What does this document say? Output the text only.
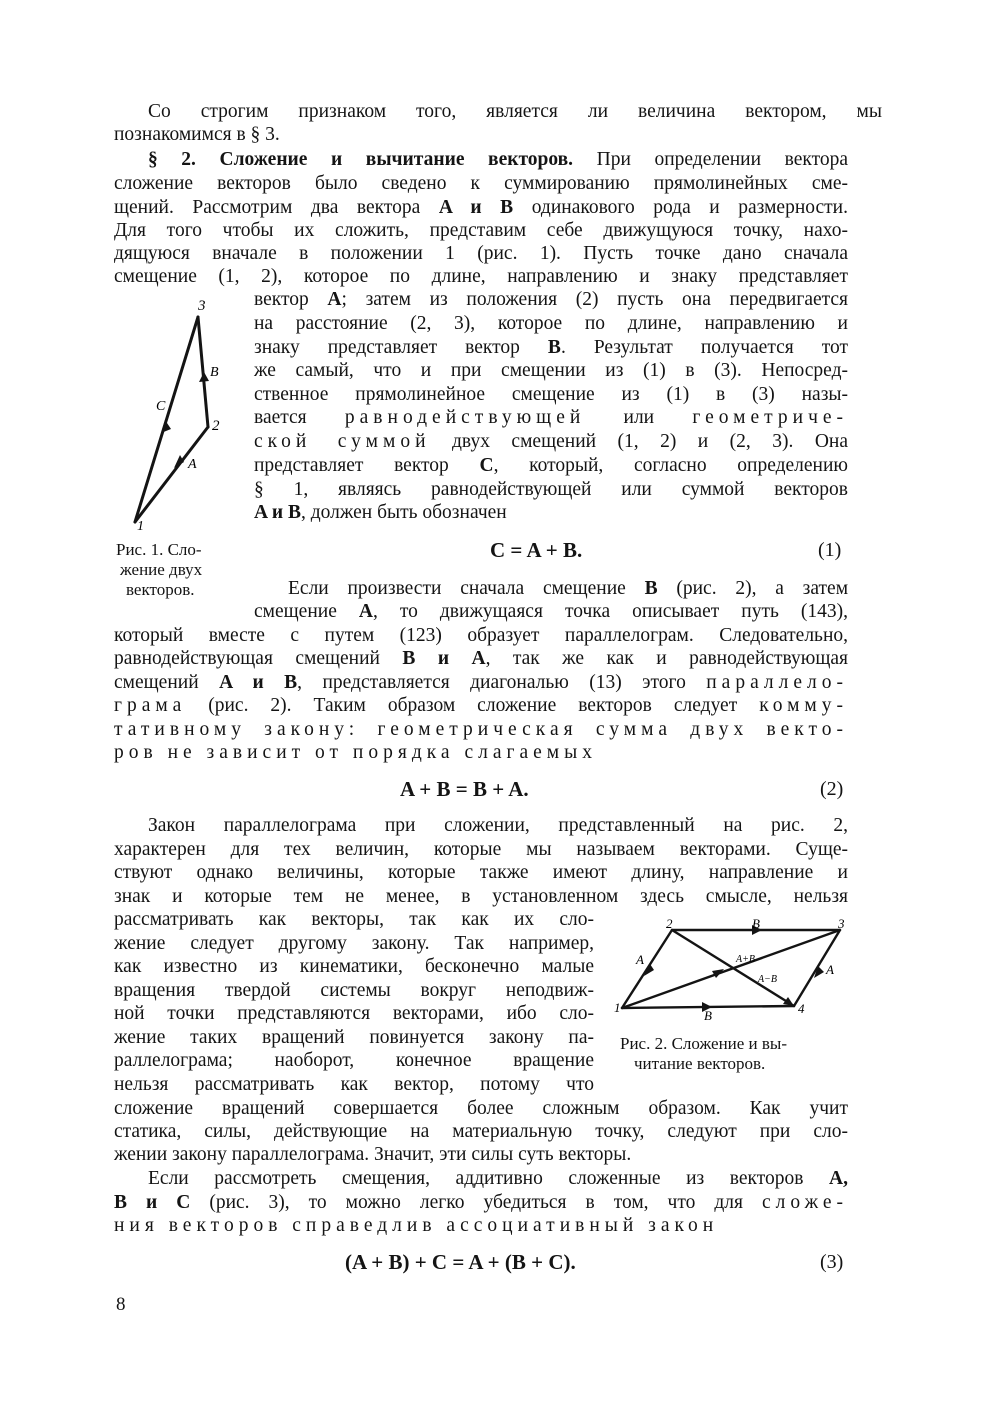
Со строгим признаком того, является ли величина вектором, мы
познакомимся в § 3.
§ 2. Сложение и вычитание векторов. При определении вектора
сложение векторов было сведено к суммированию прямолинейных сме-
щений. Рассмотрим два вектора A и B одинакового рода и размерности.
Для того чтобы их сложить, представим себе движущуюся точку, нахо-
дящуюся вначале в положении 1 (рис. 1). Пусть точке дано сначала
смещение (1, 2), которое по длине, направлению и знаку представляет
1
2
3
A
B
C
вектор A; затем из положения (2) пусть она передвигается
на расстояние (2, 3), которое по длине, направлению и
знаку представляет вектор B. Результат получается тот
же самый, что и при смещении из (1) в (3). Непосред-
ственное прямолинейное смещение из (1) в (3) назы-
вается равнодействующей или геометриче-
ской суммой двух смещений (1, 2) и (2, 3). Она
представляет вектор C, который, согласно определению
§ 1, являясь равнодействующей или суммой векторов
A и B, должен быть обозначен
Рис. 1. Сло-
жение двух
векторов.
C = A + B.	(1)
Если произвести сначала смещение B (рис. 2), а затем
смещение A, то движущаяся точка описывает путь (143),
который вместе с путем (123) образует параллелограм. Следовательно,
равнодействующая смещений B и A, так же как и равнодействующая
смещений A и B, представляется диагональю (13) этого параллело-
грама (рис. 2). Таким образом сложение векторов следует комму-
тативному закону: геометрическая сумма двух векто-
ров не зависит от порядка слагаемых
A + B = B + A.	(2)
Закон параллелограма при сложении, представленный на рис. 2,
характерен для тех величин, которые мы называем векторами. Суще-
ствуют однако величины, которые также имеют длину, направление и
знак и которые тем не менее, в установленном здесь смысле, нельзя
рассматривать как векторы, так как их сло-
жение следует другому закону. Так например,
как известно из кинематики, бесконечно малые
вращения твердой системы вокруг неподвиж-
ной точки представляются векторами, ибо сло-
жение таких вращений повинуется закону па-
раллелограма; наоборот, конечное вращение
нельзя рассматривать как вектор, потому что
сложение вращений совершается более сложным образом. Как учит
статика, силы, действующие на материальную точку, следуют при сло-
жении закону параллелограма. Значит, эти силы суть векторы.
1
2	3
4
A
A
B
B
A+B
A−B
Рис. 2. Сложение и вы-
читание векторов.
Если рассмотреть смещения, аддитивно сложенные из векторов A,
B и C (рис. 3), то можно легко убедиться в том, что для сложе-
ния векторов справедлив ассоциативный закон
(A + B) + C = A + (B + C).	(3)
8
